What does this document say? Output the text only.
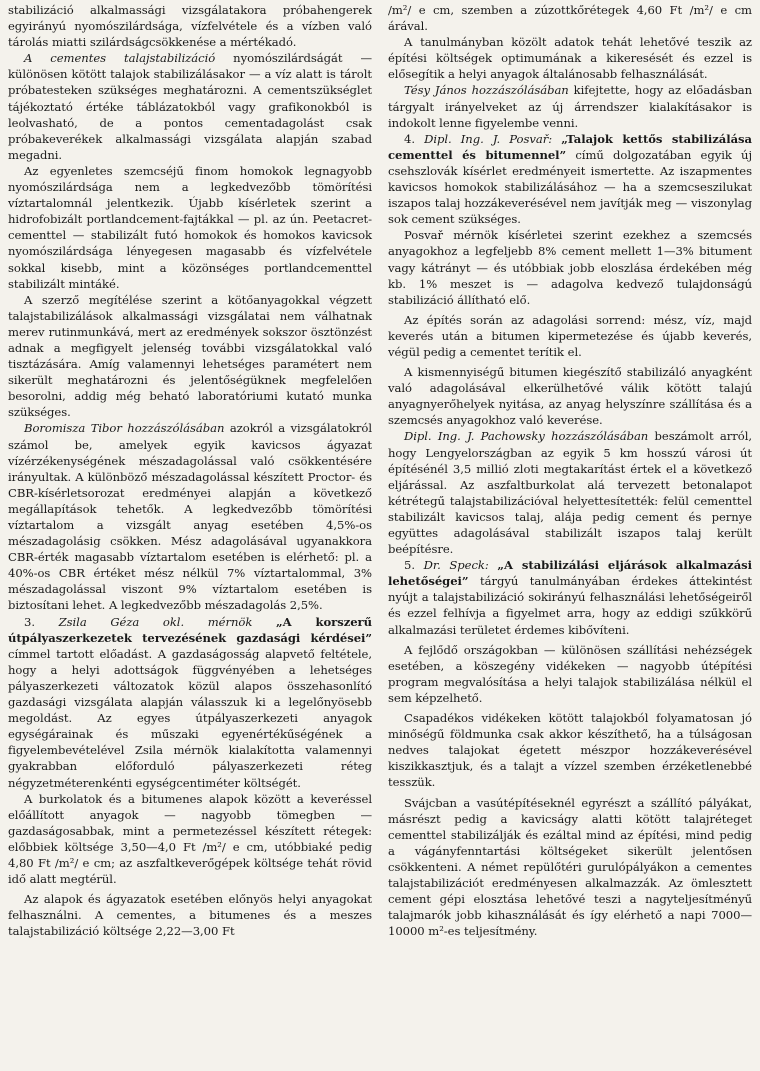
stabilizáció alkalmassági vizsgálatakora próbahengerek egyirányú nyomószilárdsága, vízfelvétele és a vízben való tárolás miatti szilárdságcsökkenése a mértékadó.

A cementes talajstabilizáció nyomószilárdságát — különösen kötött talajok stabilizálásakor — a víz alatt is tárolt próbatesteken szükséges meghatározni. A cementszükséglet tájékoztató értéke táblázatokból vagy grafikonokból is leolvasható, de a pontos cementadagolást csak próbakeverékek alkalmassági vizsgálata alapján szabad megadni.

Az egyenletes szemcséjű finom homokok legnagyobb nyomószilárdsága nem a legkedvezőbb tömörítési víztartalomnál jelentkezik. Újabb kísérletek szerint a hidrofobizált portlandcement-fajtákkal — pl. az ún. Peetacret-cementtel — stabilizált futó homokok és homokos kavicsok nyomószilárdsága lényegesen magasabb és vízfelvétele sokkal kisebb, mint a közönséges portlandcementtel stabilizált mintáké.

A szerző megítélése szerint a kötőanyagokkal végzett talajstabilizálások alkalmassági vizsgálatai nem válhatnak merev rutinmunkává, mert az eredmények sokszor ösztönzést adnak a megfigyelt jelenség további vizsgálatokkal való tisztázására. Amíg valamennyi lehetséges paramétert nem sikerült meghatározni és jelentőségüknek megfelelően besorolni, addig még beható laboratóriumi kutató munka szükséges.

Boromisza Tibor hozzászólásában azokról a vizsgálatokról számol be, amelyek egyik kavicsos ágyazat vízérzékenységének mészadagolással való csökkentésére irányultak. A különböző mészadagolással készített Proctor- és CBR-kísérletsorozat eredményei alapján a következő megállapítások tehetők. A legkedvezőbb tömörítési víztartalom a vizsgált anyag esetében 4,5%-os mészadagolásig csökken. Mész adagolásával ugyanakkora CBR-érték magasabb víztartalom esetében is elérhető: pl. a 40%-os CBR értéket mész nélkül 7% víztartalommal, 3% mészadagolással viszont 9% víztartalom esetében is biztosítani lehet. A legkedvezőbb mészadagolás 2,5%.

3. Zsila Géza okl. mérnök „A korszerű útpályaszerkezetek tervezésének gazdasági kérdései” címmel tartott előadást. A gazdaságosság alapvető feltétele, hogy a helyi adottságok függvényében a lehetséges pályaszerkezeti változatok közül alapos összehasonlító gazdasági vizsgálata alapján válasszuk ki a legelőnyösebb megoldást. Az egyes útpályaszerkezeti anyagok egységárainak és műszaki egyenértékűségének a figyelembevételével Zsila mérnök kialakította valamennyi gyakrabban előforduló pályaszerkezeti réteg négyzetméterenkénti egységcentiméter költségét.

A burkolatok és a bitumenes alapok között a keveréssel előállított anyagok — nagyobb tömegben — gazdaságosabbak, mint a permetezéssel készített rétegek: előbbiek költsége 3,50—4,0 Ft /m²/ e cm, utóbbiaké pedig 4,80 Ft /m²/ e cm; az aszfaltkeverőgépek költsége tehát rövid idő alatt megtérül.

Az alapok és ágyazatok esetében előnyös helyi anyagokat felhasználni. A cementes, a bitumenes és a meszes talajstabilizáció költsége 2,22—3,00 Ft

/m²/ e cm, szemben a zúzottkőrétegek 4,60 Ft /m²/ e cm árával.

A tanulmányban közölt adatok tehát lehetővé teszik az építési költségek optimumának a kikeresését és ezzel is elősegítik a helyi anyagok általánosabb felhasználását.

Tésy János hozzászólásában kifejtette, hogy az előadásban tárgyalt irányelveket az új árrendszer kialakításakor is indokolt lenne figyelembe venni.

4. Dipl. Ing. J. Posvař: „Talajok kettős stabilizálása cementtel és bitumennel” című dolgozatában egyik új csehszlovák kísérlet eredményeit ismertette. Az iszapmentes kavicsos homokok stabilizálásához — ha a szemcseszilukat iszapos talaj hozzákeverésével nem javítják meg — viszonylag sok cement szükséges.

Posvař mérnök kísérletei szerint ezekhez a szemcsés anyagokhoz a legfeljebb 8% cement mellett 1—3% bitument vagy kátrányt — és utóbbiak jobb eloszlása érdekében még kb. 1% meszet is — adagolva kedvező tulajdonságú stabilizáció állítható elő.

Az építés során az adagolási sorrend: mész, víz, majd keverés után a bitumen kipermetezése és újabb keverés, végül pedig a cementet terítik el.

A kismennyiségű bitumen kiegészítő stabilizáló anyagként való adagolásával elkerülhetővé válik kötött talajú anyagnyerőhelyek nyitása, az anyag helyszínre szállítása és a szemcsés anyagokhoz való keverése.

Dipl. Ing. J. Pachowsky hozzászólásában beszámolt arról, hogy Lengyelországban az egyik 5 km hosszú városi út építésénél 3,5 millió zloti megtakarítást értek el a következő eljárással. Az aszfaltburkolat alá tervezett betonalapot kétrétegű talajstabilizációval helyettesítették: felül cementtel stabilizált kavicsos talaj, alája pedig cement és pernye együttes adagolásával stabilizált iszapos talaj került beépítésre.

5. Dr. Speck: „A stabilizálási eljárások alkalmazási lehetőségei” tárgyú tanulmányában érdekes áttekintést nyújt a talajstabilizáció sokirányú felhasználási lehetőségeiről és ezzel felhívja a figyelmet arra, hogy az eddigi szűkkörű alkalmazási területet érdemes kibővíteni.

A fejlődő országokban — különösen szállítási nehézségek esetében, a köszegény vidékeken — nagyobb útépítési program megvalósítása a helyi talajok stabilizálása nélkül el sem képzelhető.

Csapadékos vidékeken kötött talajokból folyamatosan jó minőségű földmunka csak akkor készíthető, ha a túlságosan nedves talajokat égetett mészpor hozzákeverésével kiszikkasztjuk, és a talajt a vízzel szemben érzéketlenebbé tesszük.

Svájcban a vasútépítéseknél egyrészt a szállító pályákat, másrészt pedig a kavicságy alatti kötött talajréteget cementtel stabilizálják és ezáltal mind az építési, mind pedig a vágányfenntartási költségeket sikerült jelentősen csökkenteni. A német repülőtéri gurulópályákon a cementes talajstabilizációt eredményesen alkalmazzák. Az ömlesztett cement gépi elosztása lehetővé teszi a nagyteljesítményű talajmarók jobb kihasználását és így elérhető a napi 7000—10000 m²-es teljesítmény.
